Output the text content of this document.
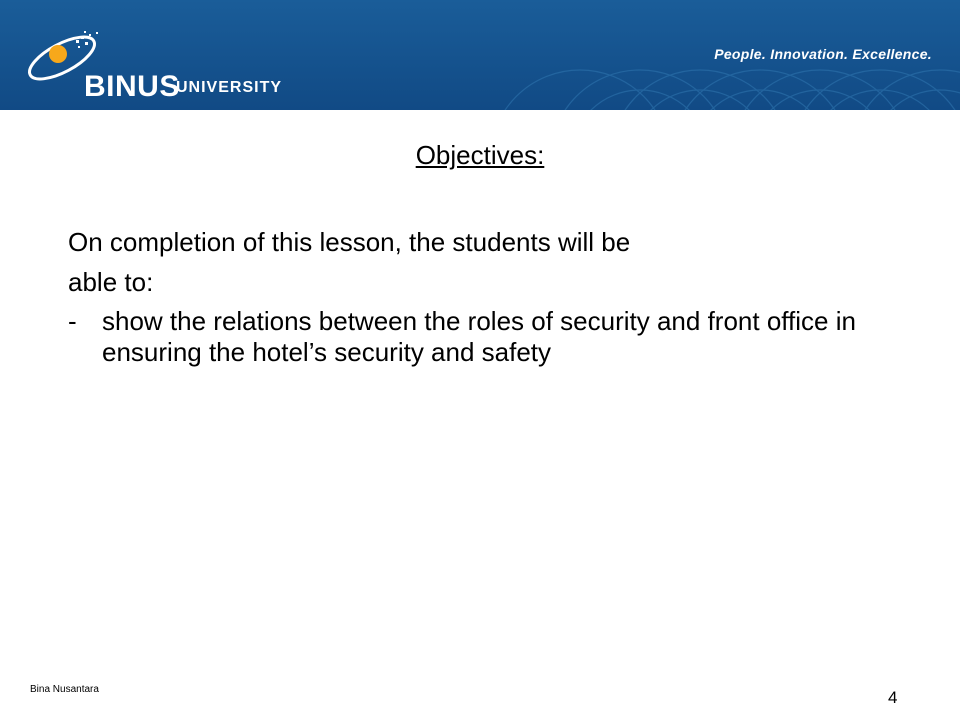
BINUS
UNIVERSITY
People. Innovation. Excellence.
Objectives:
On completion of this lesson, the students will be
able to:
- show the relations between the roles of security and front office in ensuring the hotel’s security and safety
Bina Nusantara	4
